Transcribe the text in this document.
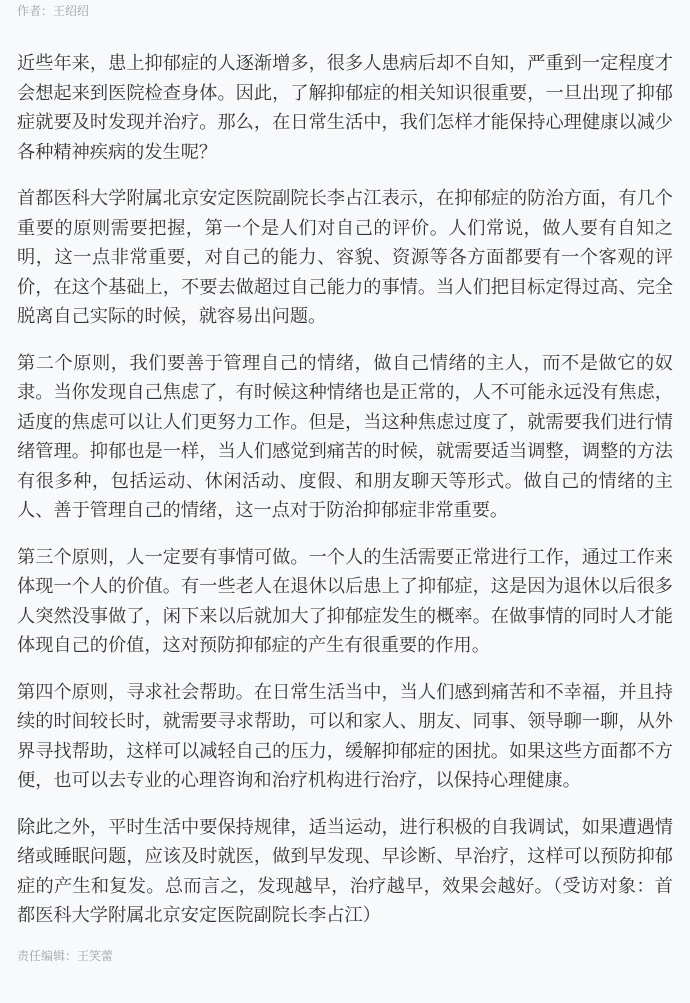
作者：王绍绍

近些年来，患上抑郁症的人逐渐增多，很多人患病后却不自知，严重到一定程度才会想起来到医院检查身体。因此，了解抑郁症的相关知识很重要，一旦出现了抑郁症就要及时发现并治疗。那么，在日常生活中，我们怎样才能保持心理健康以减少各种精神疾病的发生呢？

首都医科大学附属北京安定医院副院长李占江表示，在抑郁症的防治方面，有几个重要的原则需要把握，第一个是人们对自己的评价。人们常说，做人要有自知之明，这一点非常重要，对自己的能力、容貌、资源等各方面都要有一个客观的评价，在这个基础上，不要去做超过自己能力的事情。当人们把目标定得过高、完全脱离自己实际的时候，就容易出问题。

第二个原则，我们要善于管理自己的情绪，做自己情绪的主人，而不是做它的奴隶。当你发现自己焦虑了，有时候这种情绪也是正常的，人不可能永远没有焦虑，适度的焦虑可以让人们更努力工作。但是，当这种焦虑过度了，就需要我们进行情绪管理。抑郁也是一样，当人们感觉到痛苦的时候，就需要适当调整，调整的方法有很多种，包括运动、休闲活动、度假、和朋友聊天等形式。做自己的情绪的主人、善于管理自己的情绪，这一点对于防治抑郁症非常重要。

第三个原则，人一定要有事情可做。一个人的生活需要正常进行工作，通过工作来体现一个人的价值。有一些老人在退休以后患上了抑郁症，这是因为退休以后很多人突然没事做了，闲下来以后就加大了抑郁症发生的概率。在做事情的同时人才能体现自己的价值，这对预防抑郁症的产生有很重要的作用。

第四个原则，寻求社会帮助。在日常生活当中，当人们感到痛苦和不幸福，并且持续的时间较长时，就需要寻求帮助，可以和家人、朋友、同事、领导聊一聊，从外界寻找帮助，这样可以减轻自己的压力，缓解抑郁症的困扰。如果这些方面都不方便，也可以去专业的心理咨询和治疗机构进行治疗，以保持心理健康。

除此之外，平时生活中要保持规律，适当运动，进行积极的自我调试，如果遭遇情绪或睡眠问题，应该及时就医，做到早发现、早诊断、早治疗，这样可以预防抑郁症的产生和复发。总而言之，发现越早，治疗越早，效果会越好。（受访对象：首都医科大学附属北京安定医院副院长李占江）

责任编辑：王笑蕾
